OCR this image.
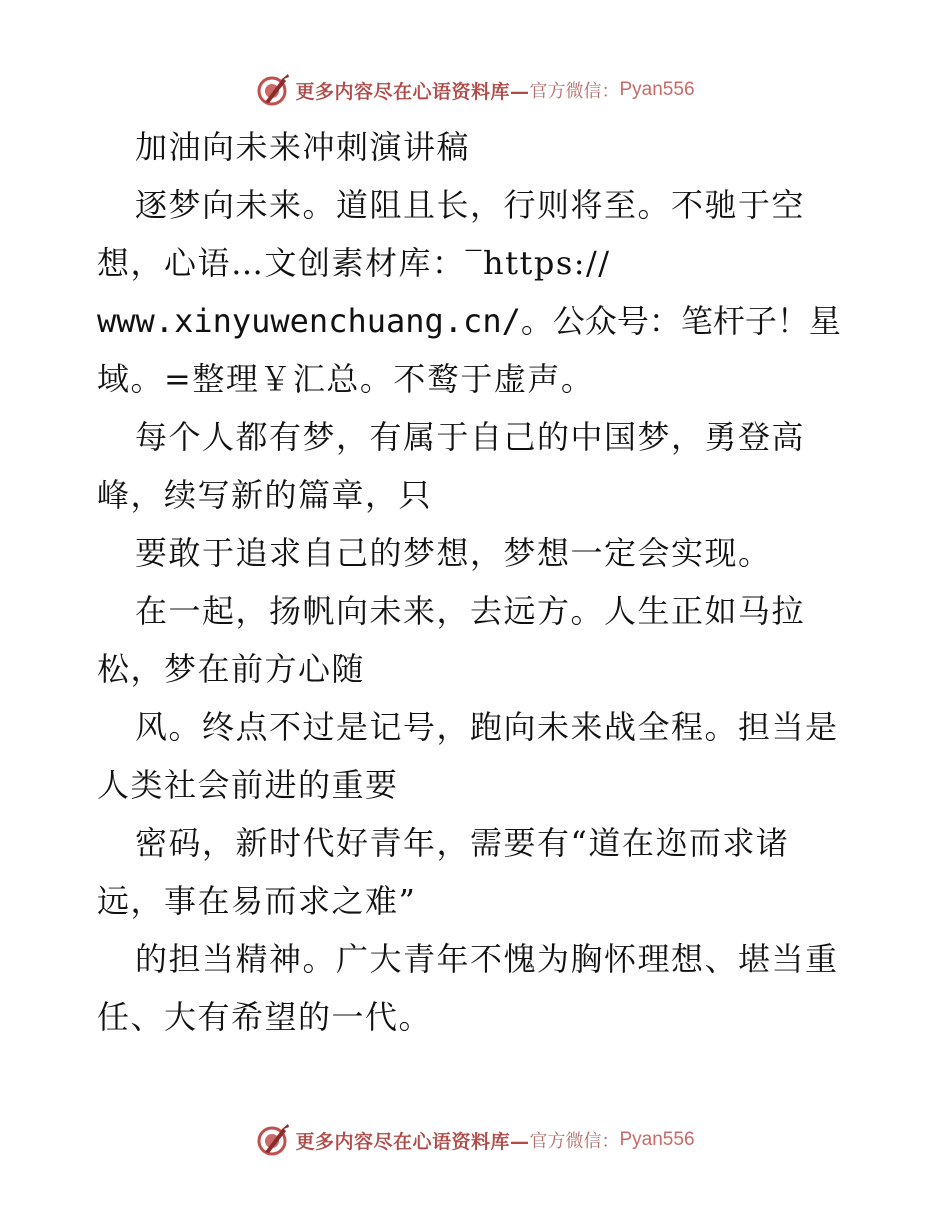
更多内容尽在心语资料库— 官方微信： Pyan556
加油向未来冲刺演讲稿
逐梦向未来。道阻且长，行则将至。不驰于空
想，心语…文创素材库：‾https://
www.xinyuwenchuang.cn/。公众号：笔杆子！星
域。=整理￥汇总。不鹜于虚声。
每个人都有梦，有属于自己的中国梦，勇登高
峰，续写新的篇章，只
要敢于追求自己的梦想，梦想一定会实现。
在一起，扬帆向未来，去远方。人生正如马拉
松，梦在前方心随
风。终点不过是记号，跑向未来战全程。担当是
人类社会前进的重要
密码，新时代好青年，需要有“道在迩而求诸
远，事在易而求之难”
的担当精神。广大青年不愧为胸怀理想、堪当重
任、大有希望的一代。
更多内容尽在心语资料库— 官方微信： Pyan556
